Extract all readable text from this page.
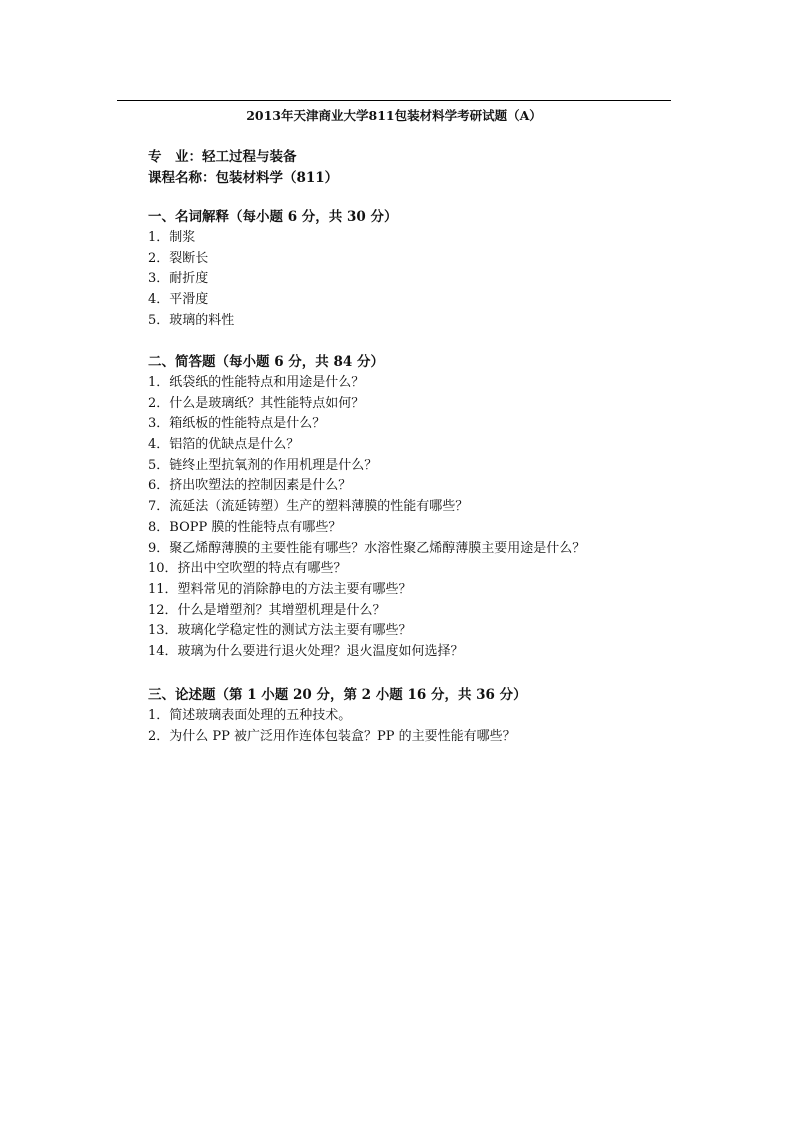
2013年天津商业大学811包装材料学考研试题（A）
专　业：轻工过程与装备
课程名称：包装材料学（811）
一、名词解释（每小题 6 分，共 30 分）
1．制浆
2．裂断长
3．耐折度
4．平滑度
5．玻璃的料性
二、简答题（每小题 6 分，共 84 分）
1．纸袋纸的性能特点和用途是什么？
2．什么是玻璃纸？其性能特点如何？
3．箱纸板的性能特点是什么？
4．铝箔的优缺点是什么？
5．链终止型抗氧剂的作用机理是什么？
6．挤出吹塑法的控制因素是什么？
7．流延法（流延铸塑）生产的塑料薄膜的性能有哪些？
8．BOPP 膜的性能特点有哪些？
9．聚乙烯醇薄膜的主要性能有哪些？水溶性聚乙烯醇薄膜主要用途是什么？
10．挤出中空吹塑的特点有哪些？
11．塑料常见的消除静电的方法主要有哪些？
12．什么是增塑剂？其增塑机理是什么？
13．玻璃化学稳定性的测试方法主要有哪些？
14．玻璃为什么要进行退火处理？退火温度如何选择？
三、论述题（第 1 小题 20 分，第 2 小题 16 分，共 36 分）
1．简述玻璃表面处理的五种技术。
2．为什么 PP 被广泛用作连体包装盒？PP 的主要性能有哪些？
